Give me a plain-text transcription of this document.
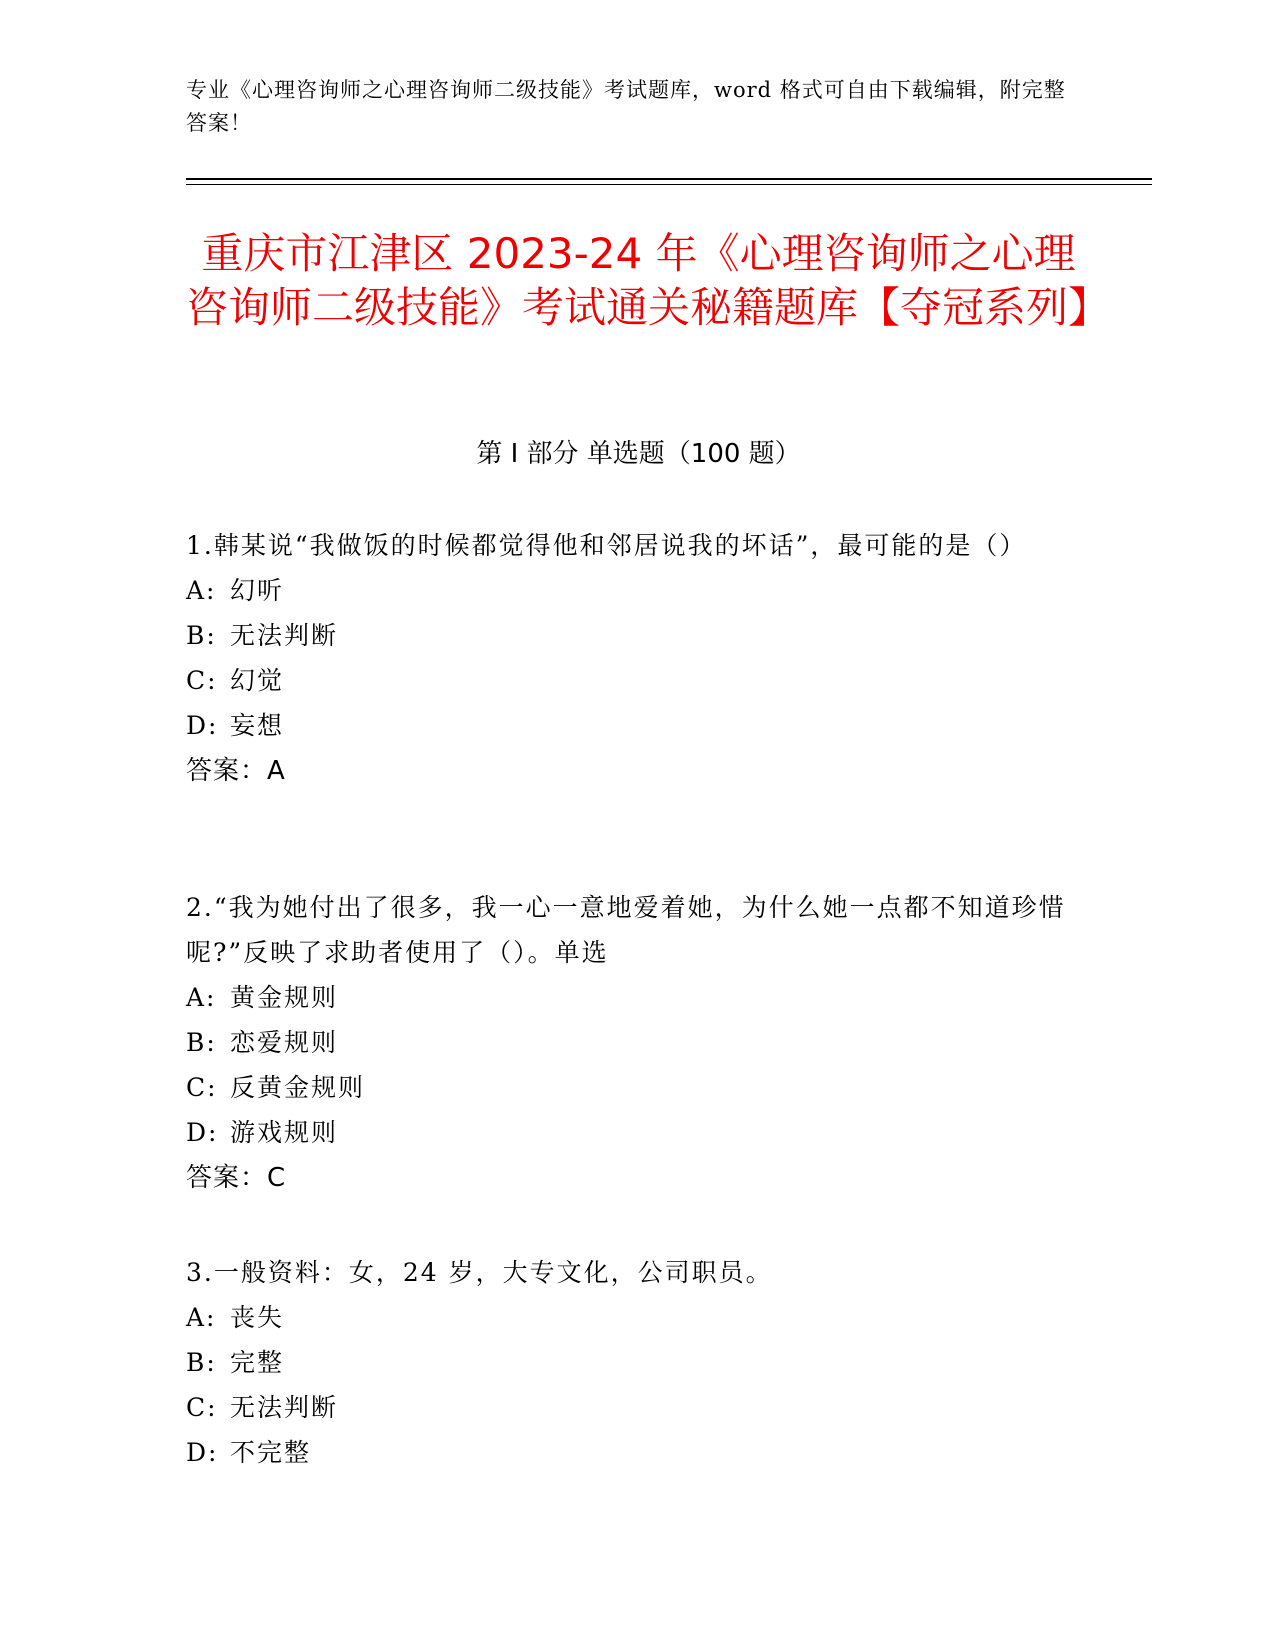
专业《心理咨询师之心理咨询师二级技能》考试题库，word 格式可自由下载编辑，附完整答案！
重庆市江津区 2023-24 年《心理咨询师之心理咨询师二级技能》考试通关秘籍题库【夺冠系列】
第 I 部分 单选题（100 题）
1.韩某说“我做饭的时候都觉得他和邻居说我的坏话”，最可能的是（）
A: 幻听
B: 无法判断
C: 幻觉
D: 妄想
答案：A
2.“我为她付出了很多，我一心一意地爱着她，为什么她一点都不知道珍惜呢?”反映了求助者使用了（）。单选
A: 黄金规则
B: 恋爱规则
C: 反黄金规则
D: 游戏规则
答案：C
3.一般资料：女，24 岁，大专文化，公司职员。
A: 丧失
B: 完整
C: 无法判断
D: 不完整
